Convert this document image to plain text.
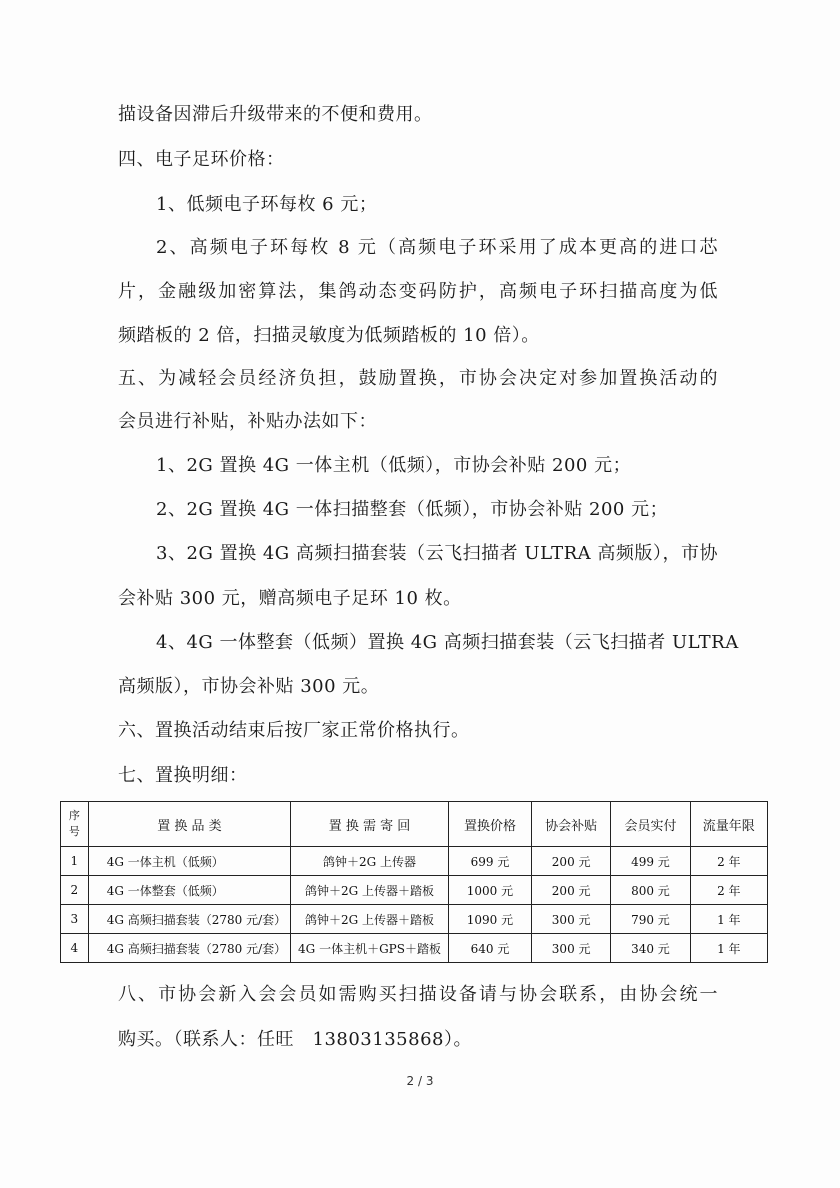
描设备因滞后升级带来的不便和费用。
四、电子足环价格：
1、低频电子环每枚 6 元；
2、高频电子环每枚 8 元（高频电子环采用了成本更高的进口芯
片，金融级加密算法，集鸽动态变码防护，高频电子环扫描高度为低
频踏板的 2 倍，扫描灵敏度为低频踏板的 10 倍）。
五、为减轻会员经济负担，鼓励置换，市协会决定对参加置换活动的
会员进行补贴，补贴办法如下：
1、2G 置换 4G 一体主机（低频），市协会补贴 200 元；
2、2G 置换 4G 一体扫描整套（低频），市协会补贴 200 元；
3、2G 置换 4G 高频扫描套装（云飞扫描者 ULTRA 高频版），市协
会补贴 300 元，赠高频电子足环 10 枚。
4、4G 一体整套（低频）置换 4G 高频扫描套装（云飞扫描者 ULTRA
高频版），市协会补贴 300 元。
六、置换活动结束后按厂家正常价格执行。
七、置换明细：
序
号	置 换 品 类	置 换 需 寄 回	置换价格	协会补贴	会员实付	流量年限
1	4G 一体主机（低频）	鸽钟＋2G 上传器	699 元	200 元	499 元	2 年
2	4G 一体整套（低频）	鸽钟＋2G 上传器＋踏板	1000 元	200 元	800 元	2 年
3	4G 高频扫描套装（2780 元/套）	鸽钟＋2G 上传器＋踏板	1090 元	300 元	790 元	1 年
4	4G 高频扫描套装（2780 元/套）	4G 一体主机＋GPS＋踏板	640 元	300 元	340 元	1 年
八、市协会新入会会员如需购买扫描设备请与协会联系，由协会统一
购买。（联系人：任旺　13803135868）。
2 / 3
